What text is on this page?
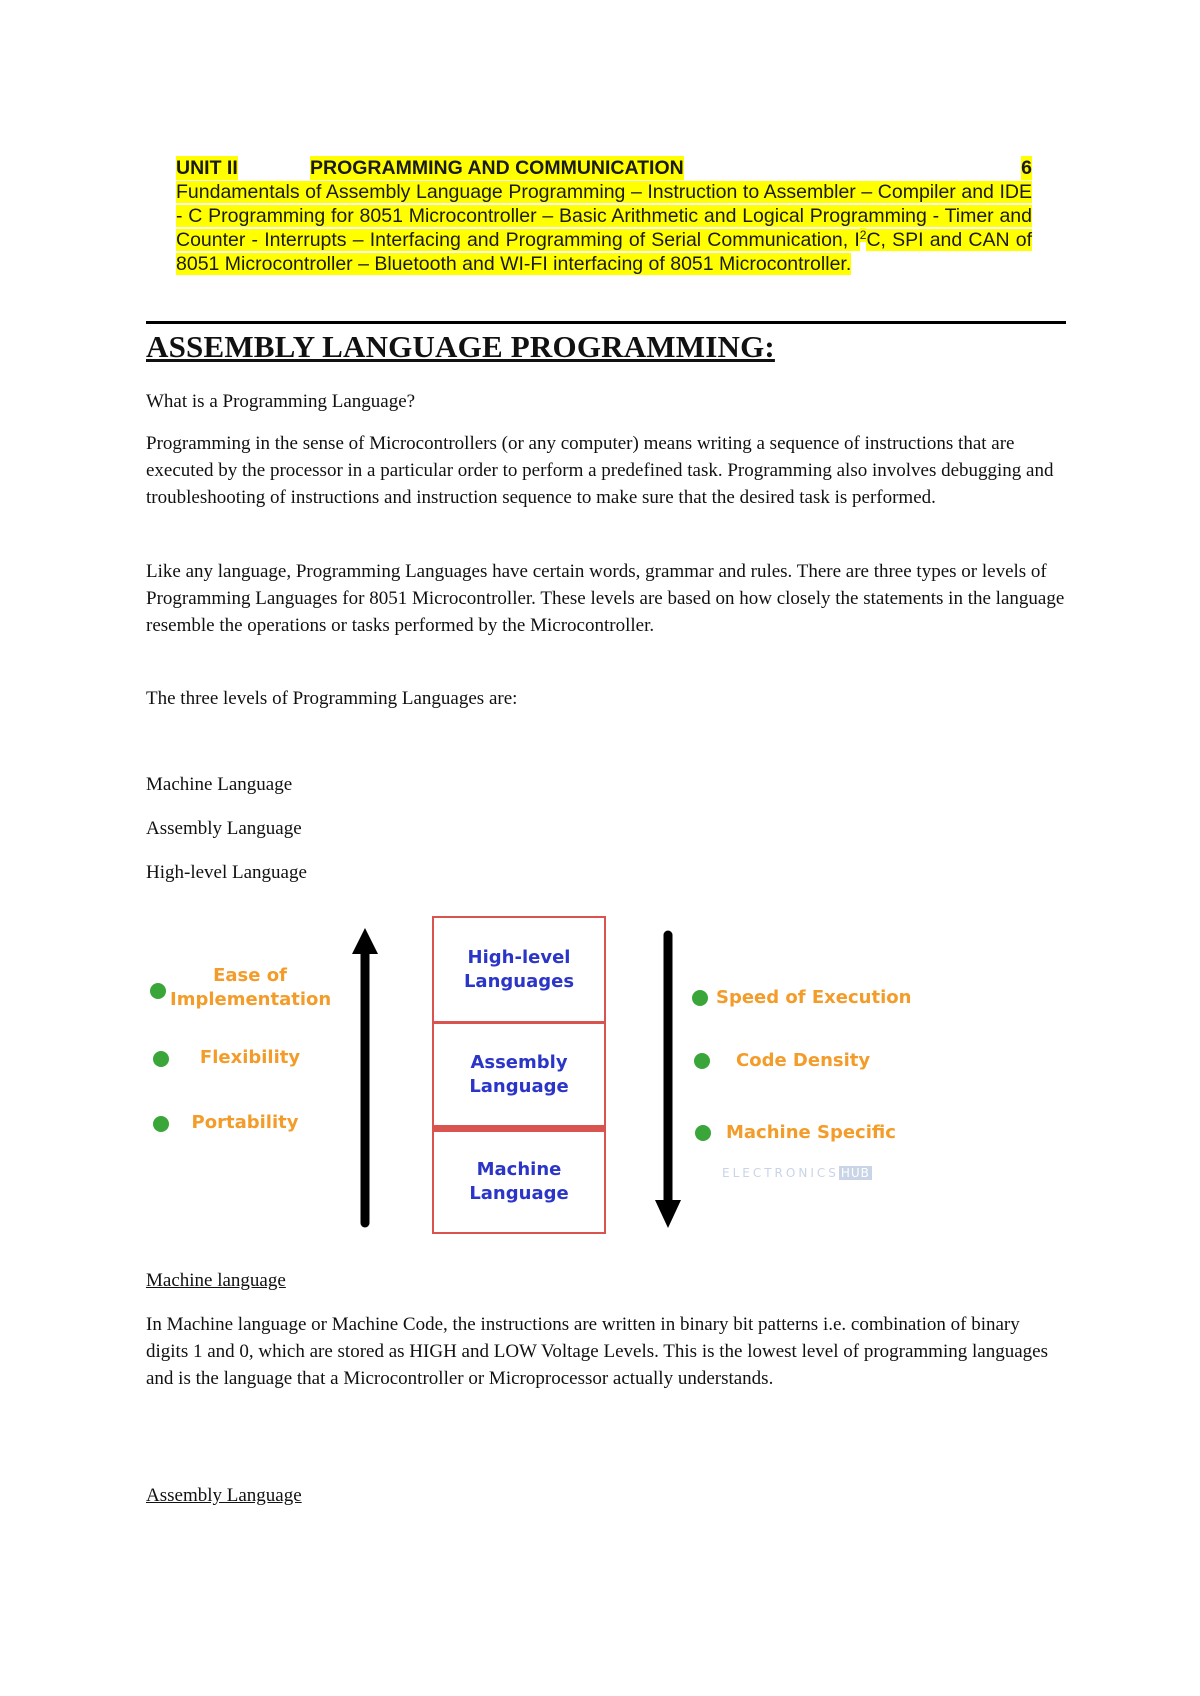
UNIT II	PROGRAMMING AND COMMUNICATION	6

Fundamentals of Assembly Language Programming – Instruction to Assembler – Compiler and IDE - C Programming for 8051 Microcontroller – Basic Arithmetic and Logical Programming - Timer and Counter - Interrupts – Interfacing and Programming of Serial Communication, $I^2C$, SPI and CAN of 8051 Microcontroller – Bluetooth and WI-FI interfacing of 8051 Microcontroller.

ASSEMBLY LANGUAGE PROGRAMMING:

What is a Programming Language?

Programming in the sense of Microcontrollers (or any computer) means writing a sequence of instructions that are executed by the processor in a particular order to perform a predefined task. Programming also involves debugging and troubleshooting of instructions and instruction sequence to make sure that the desired task is performed.

Like any language, Programming Languages have certain words, grammar and rules. There are three types or levels of Programming Languages for 8051 Microcontroller. These levels are based on how closely the statements in the language resemble the operations or tasks performed by the Microcontroller.

The three levels of Programming Languages are:

Machine Language

Assembly Language

High-level Language

Ease of
Implementation
Flexibility
Portability
High-level
Languages
Assembly
Language
Machine
Language
Speed of Execution
Code Density
Machine Specific
ELECTRONICS HUB

Machine language

In Machine language or Machine Code, the instructions are written in binary bit patterns i.e. combination of binary digits 1 and 0, which are stored as HIGH and LOW Voltage Levels. This is the lowest level of programming languages and is the language that a Microcontroller or Microprocessor actually understands.

Assembly Language
